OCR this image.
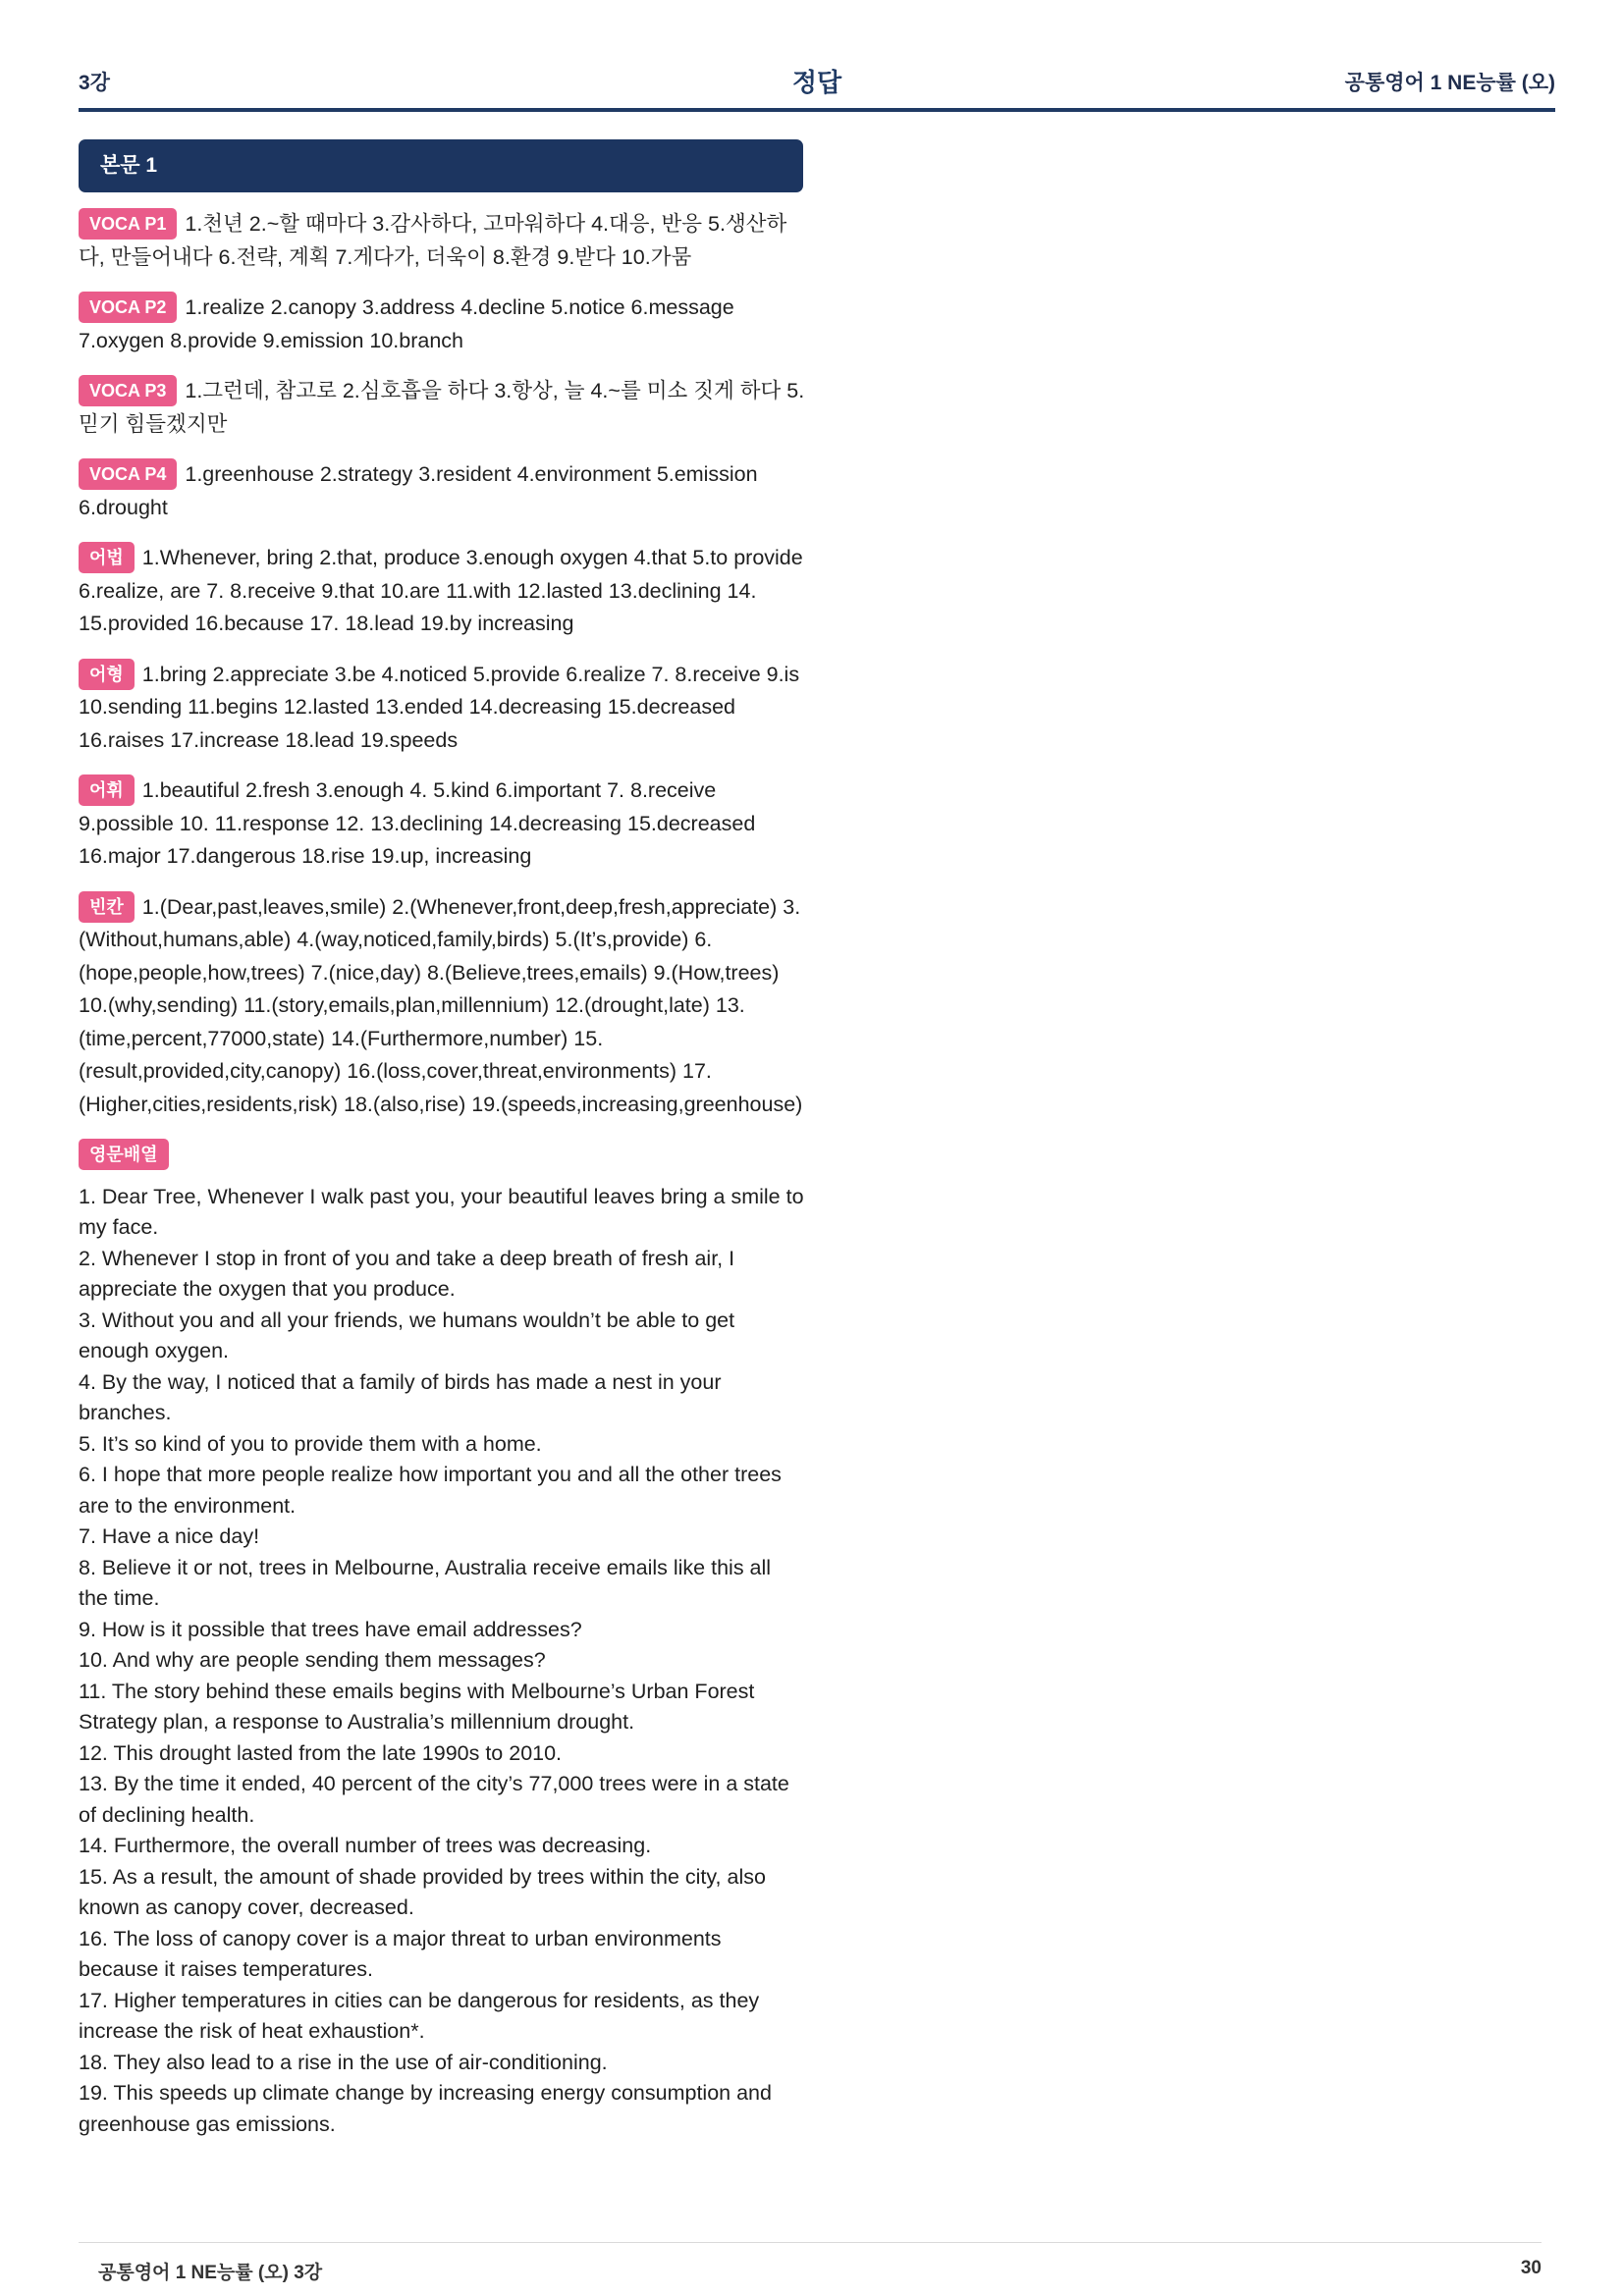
3강	정답	공통영어 1 NE능률 (오)
본문 1
VOCA P1 1.천년 2.~할 때마다 3.감사하다, 고마워하다 4.대응, 반응 5.생산하다, 만들어내다 6.전략, 계획 7.게다가, 더욱이 8.환경 9.받다 10.가뭄
VOCA P2 1.realize 2.canopy 3.address 4.decline 5.notice 6.message 7.oxygen 8.provide 9.emission 10.branch
VOCA P3 1.그런데, 참고로 2.심호흡을 하다 3.항상, 늘 4.~를 미소 짓게 하다 5.믿기 힘들겠지만
VOCA P4 1.greenhouse 2.strategy 3.resident 4.environment 5.emission 6.drought
어법 1.Whenever, bring 2.that, produce 3.enough oxygen 4.that 5.to provide 6.realize, are 7. 8.receive 9.that 10.are 11.with 12.lasted 13.declining 14. 15.provided 16.because 17. 18.lead 19.by increasing
어형 1.bring 2.appreciate 3.be 4.noticed 5.provide 6.realize 7. 8.receive 9.is 10.sending 11.begins 12.lasted 13.ended 14.decreasing 15.decreased 16.raises 17.increase 18.lead 19.speeds
어휘 1.beautiful 2.fresh 3.enough 4. 5.kind 6.important 7. 8.receive 9.possible 10. 11.response 12. 13.declining 14.decreasing 15.decreased 16.major 17.dangerous 18.rise 19.up, increasing
빈칸 1.(Dear,past,leaves,smile) 2.(Whenever,front,deep,fresh,appreciate) 3.(Without,humans,able) 4.(way,noticed,family,birds) 5.(It’s,provide) 6.(hope,people,how,trees) 7.(nice,day) 8.(Believe,trees,emails) 9.(How,trees) 10.(why,sending) 11.(story,emails,plan,millennium) 12.(drought,late) 13.(time,percent,77000,state) 14.(Furthermore,number) 15.(result,provided,city,canopy) 16.(loss,cover,threat,environments) 17.(Higher,cities,residents,risk) 18.(also,rise) 19.(speeds,increasing,greenhouse)
영문배열

1. Dear Tree, Whenever I walk past you, your beautiful leaves bring a smile to my face.

2. Whenever I stop in front of you and take a deep breath of fresh air, I appreciate the oxygen that you produce.

3. Without you and all your friends, we humans wouldn’t be able to get enough oxygen.

4. By the way, I noticed that a family of birds has made a nest in your branches.

5. It’s so kind of you to provide them with a home.

6. I hope that more people realize how important you and all the other trees are to the environment.

7. Have a nice day!

8. Believe it or not, trees in Melbourne, Australia receive emails like this all the time.

9. How is it possible that trees have email addresses?

10. And why are people sending them messages?

11. The story behind these emails begins with Melbourne’s Urban Forest Strategy plan, a response to Australia’s millennium drought.

12. This drought lasted from the late 1990s to 2010.

13. By the time it ended, 40 percent of the city’s 77,000 trees were in a state of declining health.

14. Furthermore, the overall number of trees was decreasing.

15. As a result, the amount of shade provided by trees within the city, also known as canopy cover, decreased.

16. The loss of canopy cover is a major threat to urban environments because it raises temperatures.

17. Higher temperatures in cities can be dangerous for residents, as they increase the risk of heat exhaustion*.

18. They also lead to a rise in the use of air-conditioning.

19. This speeds up climate change by increasing energy consumption and greenhouse gas emissions.

공통영어 1 NE능률 (오) 3강	30
